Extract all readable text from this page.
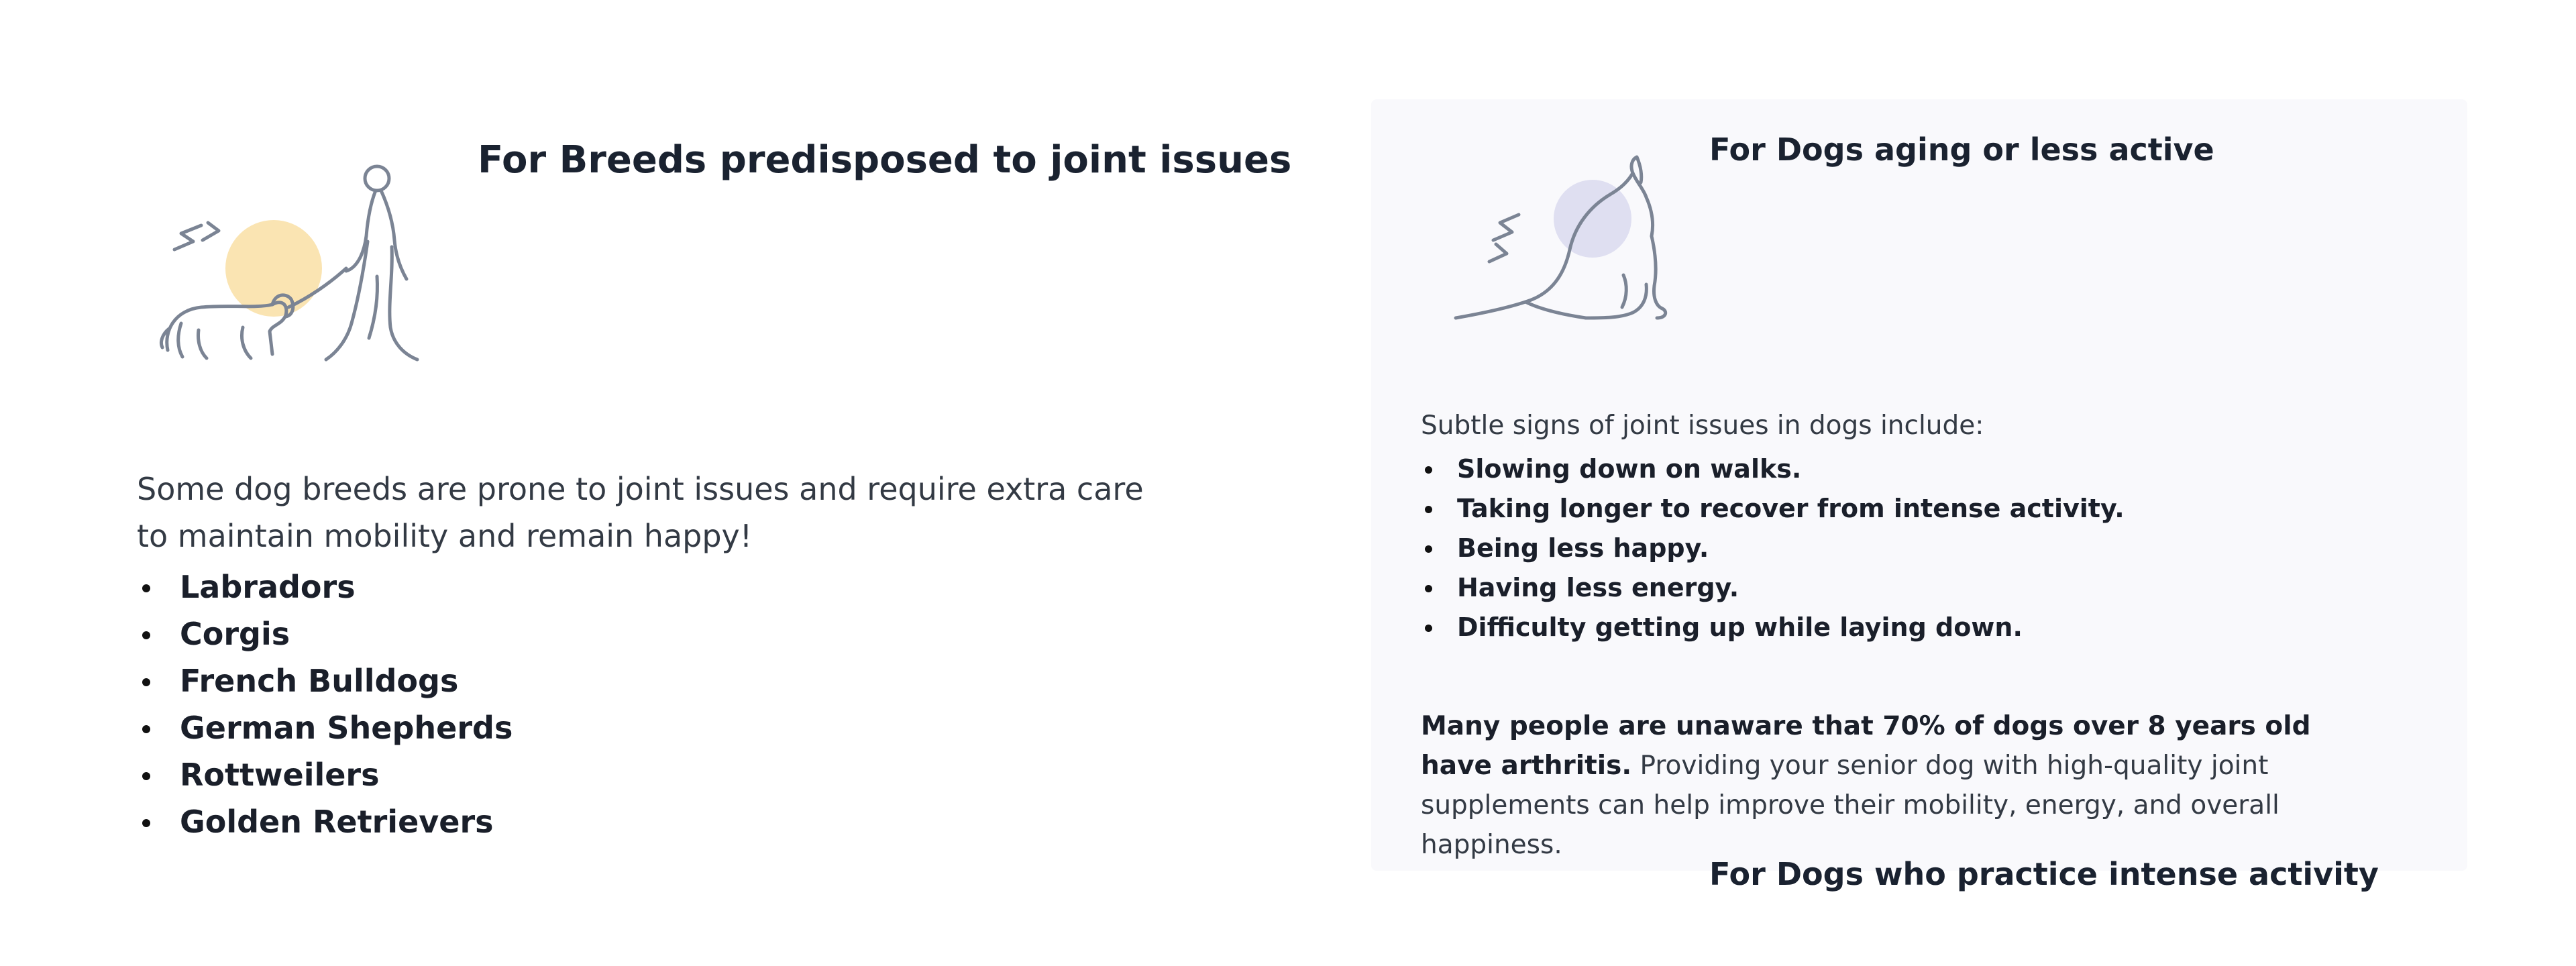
For Breeds predisposed to joint issues

Some dog breeds are prone to joint issues and require extra care to maintain mobility and remain happy!

Labradors
Corgis
French Bulldogs
German Shepherds
Rottweilers
Golden Retrievers
For Dogs aging or less active

Subtle signs of joint issues in dogs include:

Slowing down on walks.
Taking longer to recover from intense activity.
Being less happy.
Having less energy.
Difficulty getting up while laying down.

Many people are unaware that 70% of dogs over 8 years old have arthritis. Providing your senior dog with high-quality joint supplements can help improve their mobility, energy, and overall happiness.

For Dogs who practice intense activity
